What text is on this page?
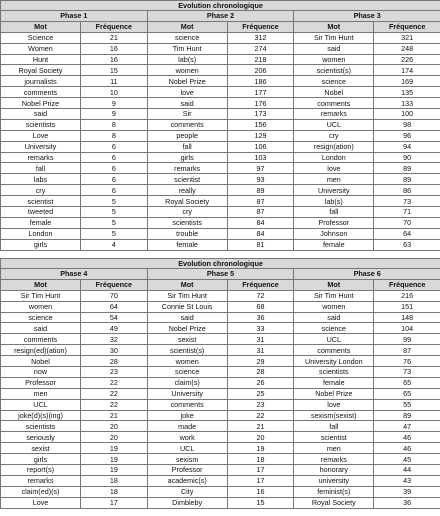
Evolution chronologique					
Phase 1		Phase 2		Phase 3	
Mot	Fréquence	Mot	Fréquence	Mot	Fréquence
Science	21	science	312	Sir Tim Hunt	321
Women	16	Tim Hunt	274	said	248
Hunt	16	lab(s)	218	women	226
Royal Society	15	women	206	scientist(s)	174
journalists	11	Nobel Prize	186	science	169
comments	10	love	177	Nobel	135
Nobel Prize	9	said	176	comments	133
said	9	Sir	173	remarks	100
scientists	8	comments	156	UCL	98
Love	8	people	129	cry	96
University	6	fall	106	resign(ation)	94
remarks	6	girls	103	London	90
fall	6	remarks	97	love	89
labs	6	scientist	93	men	89
cry	6	really	89	University	86
scientist	5	Royal Society	87	lab(s)	73
tweeted	5	cry	87	fall	71
female	5	scientists	84	Professor	70
London	5	trouble	84	Johnson	64
girls	4	female	81	female	63
Evolution chronologique					
Phase 4		Phase 5		Phase 6	
Mot	Fréquence	Mot	Fréquence	Mot	Fréquence
Sir Tim Hunt	70	Sir Tim Hunt	72	Sir Tim Hunt	216
women	64	Connie St Louis	68	women	151
science	54	said	36	said	148
said	49	Nobel Prize	33	science	104
comments	32	sexist	31	UCL	99
resign(ed)(ation)	30	scientist(s)	31	comments	87
Nobel	28	women	29	University London	76
now	23	science	28	scientists	73
Professor	22	claim(s)	26	female	65
men	22	University	25	Nobel Prize	65
UCL	22	comments	23	love	55
joke(d)(s)(ing)	21	joke	22	sexism(sexist)	89
scientists	20	made	21	fall	47
seriously	20	work	20	scientist	46
sexist	19	UCL	19	men	46
girls	19	sexism	18	remarks	45
report(s)	19	Professor	17	honorary	44
remarks	18	academic(s)	17	university	43
claim(ed)(s)	18	City	16	feminist(s)	39
Love	17	Dimbleby	15	Royal Society	36
